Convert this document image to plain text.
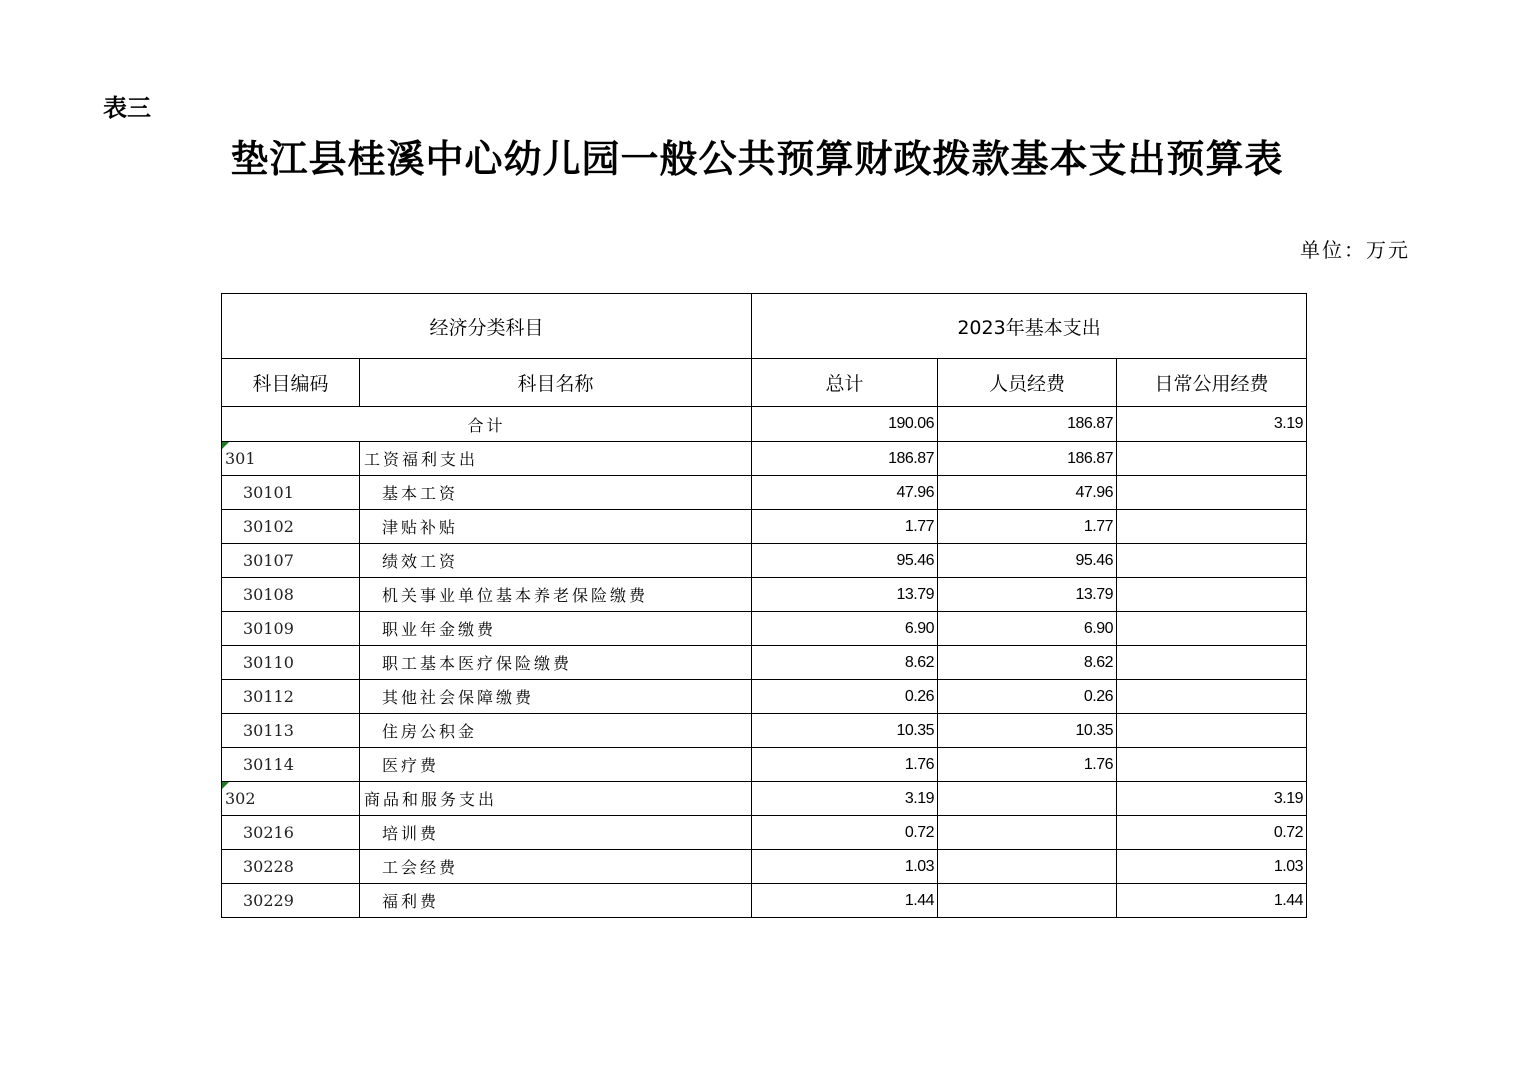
表三
垫江县桂溪中心幼儿园一般公共预算财政拨款基本支出预算表
单位：万元
经济分类科目		2023年基本支出		
科目编码	科目名称	总计	人员经费	日常公用经费
合计		190.06	186.87	3.19
301	工资福利支出	186.87	186.87	
30101	基本工资	47.96	47.96	
30102	津贴补贴	1.77	1.77	
30107	绩效工资	95.46	95.46	
30108	机关事业单位基本养老保险缴费	13.79	13.79	
30109	职业年金缴费	6.90	6.90	
30110	职工基本医疗保险缴费	8.62	8.62	
30112	其他社会保障缴费	0.26	0.26	
30113	住房公积金	10.35	10.35	
30114	医疗费	1.76	1.76	
302	商品和服务支出	3.19		3.19
30216	培训费	0.72		0.72
30228	工会经费	1.03		1.03
30229	福利费	1.44		1.44
